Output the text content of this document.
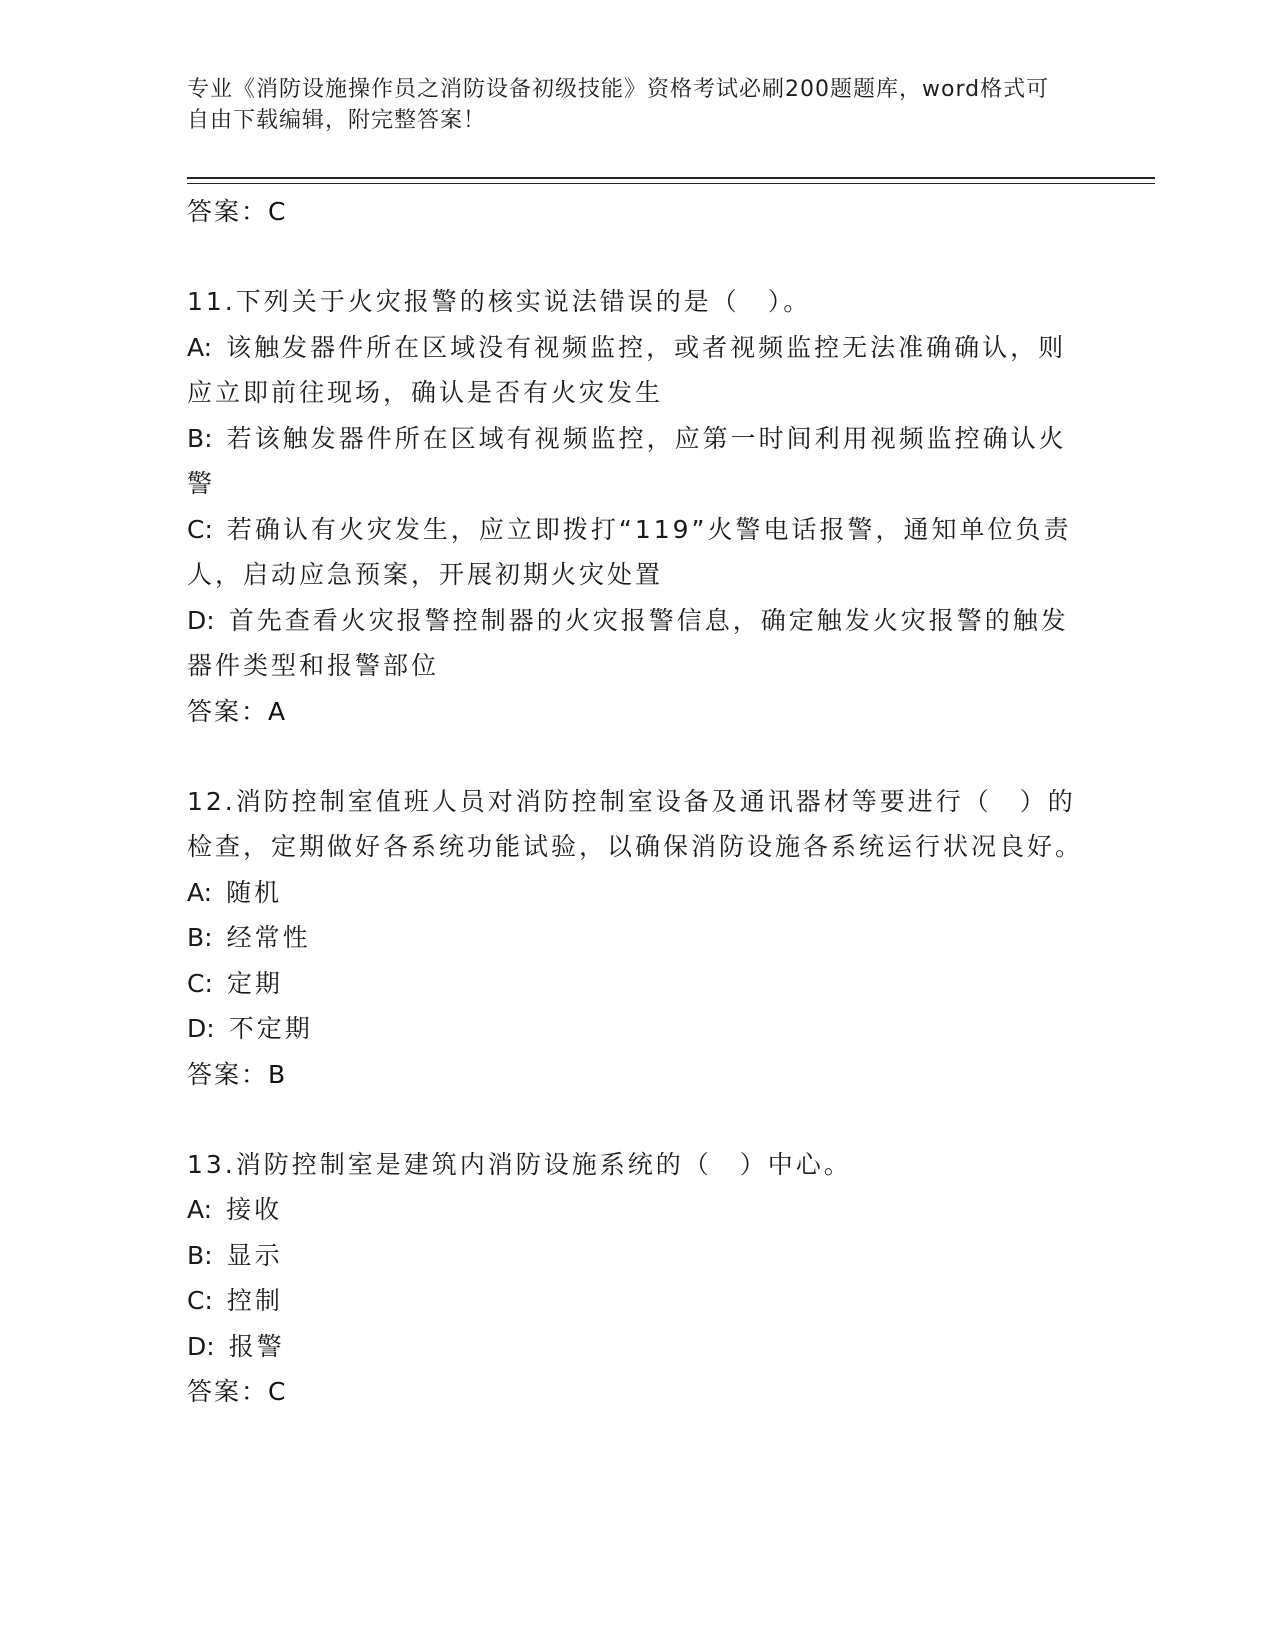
专业《消防设施操作员之消防设备初级技能》资格考试必刷200题题库，word格式可自由下载编辑，附完整答案！
答案：C

11.下列关于火灾报警的核实说法错误的是（　）。

A: 该触发器件所在区域没有视频监控，或者视频监控无法准确确认，则应立即前往现场，确认是否有火灾发生

B: 若该触发器件所在区域有视频监控，应第一时间利用视频监控确认火警

C: 若确认有火灾发生，应立即拨打“119”火警电话报警，通知单位负责人，启动应急预案，开展初期火灾处置

D: 首先查看火灾报警控制器的火灾报警信息，确定触发火灾报警的触发器件类型和报警部位

答案：A

12.消防控制室值班人员对消防控制室设备及通讯器材等要进行（　）的检查，定期做好各系统功能试验，以确保消防设施各系统运行状况良好。

A: 随机

B: 经常性

C: 定期

D: 不定期

答案：B

13.消防控制室是建筑内消防设施系统的（　）中心。

A: 接收

B: 显示

C: 控制

D: 报警

答案：C
